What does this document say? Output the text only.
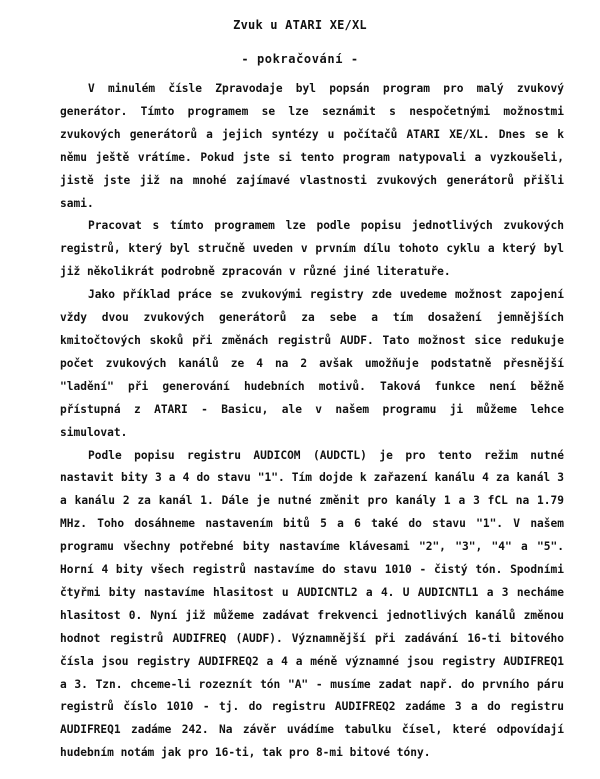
Zvuk u ATARI XE/XL
- pokračování -

V minulém čísle Zpravodaje byl popsán program pro malý zvukový generátor. Tímto programem se lze seznámit s nespočetnými možnostmi zvukových generátorů a jejich syntézy u počítačů ATARI XE/XL. Dnes se k němu ještě vrátíme. Pokud jste si tento program natypovali a vyzkoušeli, jistě jste již na mnohé zajímavé vlastnosti zvukových generátorů přišli sami.

Pracovat s tímto programem lze podle popisu jednotlivých zvukových registrů, který byl stručně uveden v prvním dílu tohoto cyklu a který byl již několikrát podrobně zpracován v různé jiné literatuře.

Jako příklad práce se zvukovými registry zde uvedeme možnost zapojení vždy dvou zvukových generátorů za sebe a tím dosažení jemnějších kmitočtových skoků při změnách registrů AUDF. Tato možnost sice redukuje počet zvukových kanálů ze 4 na 2 avšak umožňuje podstatně přesnější "ladění" při generování hudebních motivů. Taková funkce není běžně přístupná z ATARI - Basicu, ale v našem programu ji můžeme lehce simulovat.

Podle popisu registru AUDICOM (AUDCTL) je pro tento režim nutné nastavit bity 3 a 4 do stavu "1". Tím dojde k zařazení kanálu 4 za kanál 3 a kanálu 2 za kanál 1. Dále je nutné změnit pro kanály 1 a 3 fCL na 1.79 MHz. Toho dosáhneme nastavením bitů 5 a 6 také do stavu "1". V našem programu všechny potřebné bity nastavíme klávesami "2", "3", "4" a "5". Horní 4 bity všech registrů nastavíme do stavu 1010 - čistý tón. Spodními čtyřmi bity nastavíme hlasitost u AUDICNTL2 a 4. U AUDICNTL1 a 3 necháme hlasitost 0. Nyní již můžeme zadávat frekvenci jednotlivých kanálů změnou hodnot registrů AUDIFREQ (AUDF). Významnější při zadávání 16-ti bitového čísla jsou registry AUDIFREQ2 a 4 a méně významné jsou registry AUDIFREQ1 a 3. Tzn. chceme-li rozeznít tón "A" - musíme zadat např. do prvního páru registrů číslo 1010 - tj. do registru AUDIFREQ2 zadáme 3 a do registru AUDIFREQ1 zadáme 242. Na závěr uvádíme tabulku čísel, které odpovídají hudebním notám jak pro 16-ti, tak pro 8-mi bitové tóny.
